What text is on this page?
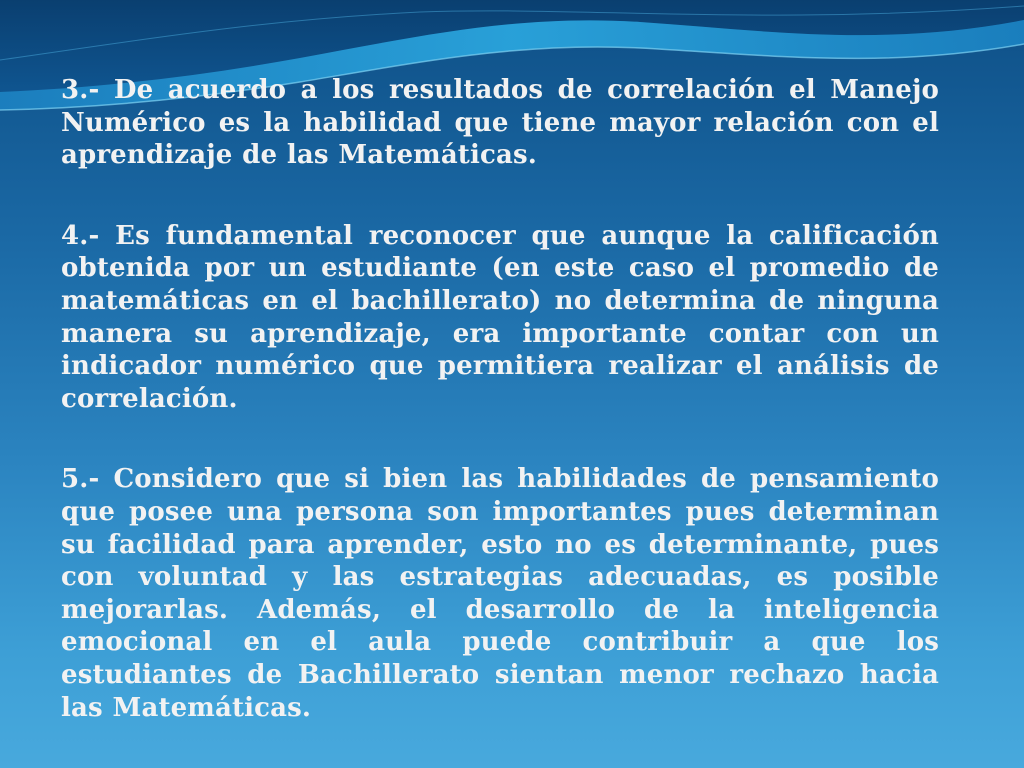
3.- De acuerdo a los resultados de correlación el Manejo Numérico es la habilidad que tiene mayor relación con el aprendizaje de las Matemáticas.

4.- Es fundamental reconocer que aunque la calificación obtenida por un estudiante (en este caso el promedio de matemáticas en el bachillerato) no determina de ninguna manera su aprendizaje, era importante contar con un indicador numérico que permitiera realizar el análisis de correlación.

5.- Considero que si bien las habilidades de pensamiento que posee una persona son importantes pues determinan su facilidad para aprender, esto no es determinante, pues con voluntad y las estrategias adecuadas, es posible mejorarlas. Además, el desarrollo de la inteligencia emocional en el aula puede contribuir a que los estudiantes de Bachillerato sientan menor rechazo hacia las Matemáticas.
